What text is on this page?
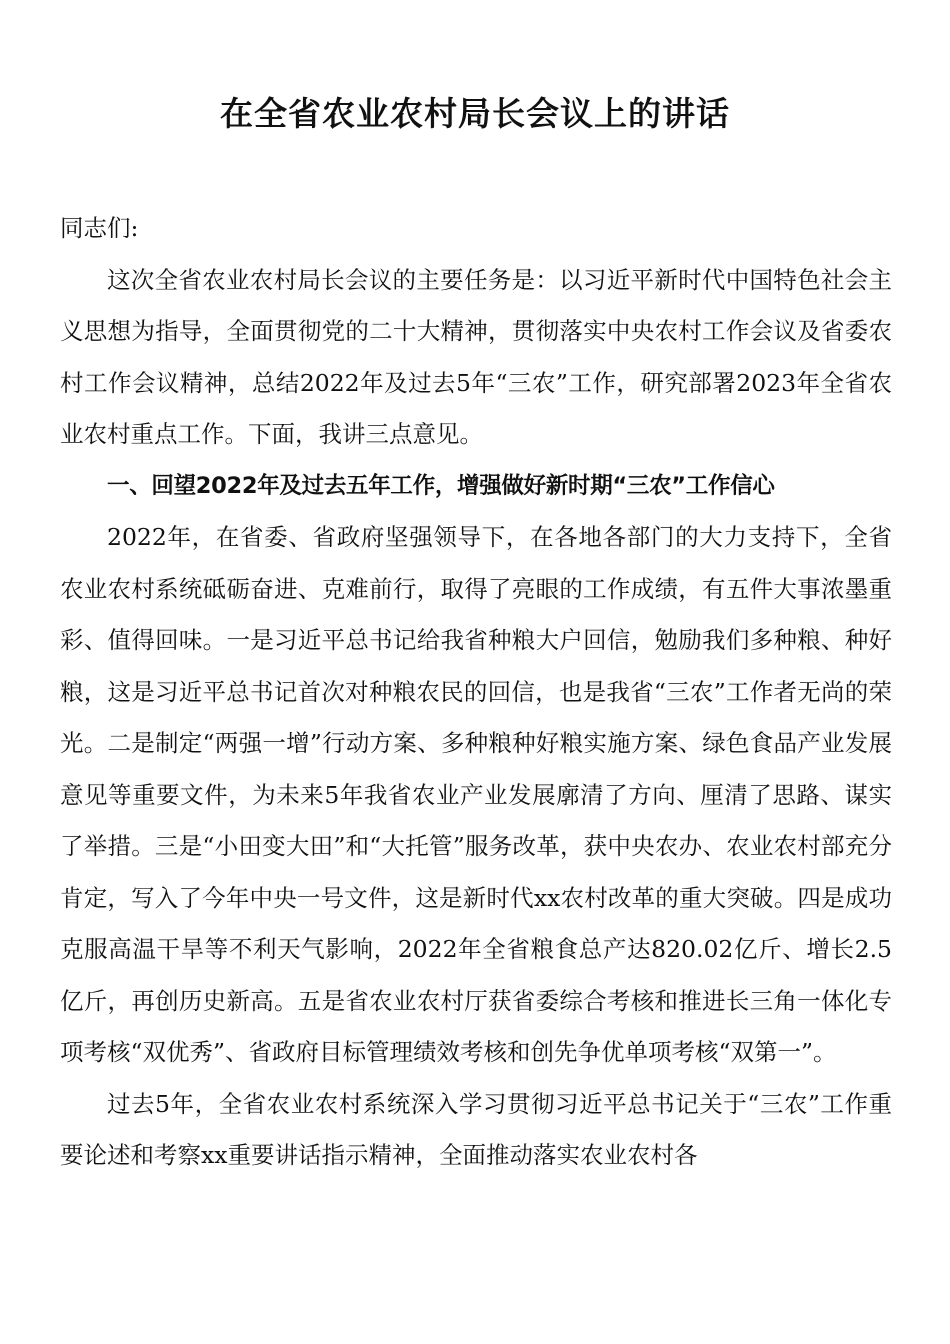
在全省农业农村局长会议上的讲话

同志们:

这次全省农业农村局长会议的主要任务是：以习近平新时代中国特色社会主义思想为指导，全面贯彻党的二十大精神，贯彻落实中央农村工作会议及省委农村工作会议精神，总结2022年及过去5年“三农”工作，研究部署2023年全省农业农村重点工作。下面，我讲三点意见。

一、回望2022年及过去五年工作，增强做好新时期“三农”工作信心

2022年，在省委、省政府坚强领导下，在各地各部门的大力支持下，全省农业农村系统砥砺奋进、克难前行，取得了亮眼的工作成绩，有五件大事浓墨重彩、值得回味。一是习近平总书记给我省种粮大户回信，勉励我们多种粮、种好粮，这是习近平总书记首次对种粮农民的回信，也是我省“三农”工作者无尚的荣光。二是制定“两强一增”行动方案、多种粮种好粮实施方案、绿色食品产业发展意见等重要文件，为未来5年我省农业产业发展廓清了方向、厘清了思路、谋实了举措。三是“小田变大田”和“大托管”服务改革，获中央农办、农业农村部充分肯定，写入了今年中央一号文件，这是新时代xx农村改革的重大突破。四是成功克服高温干旱等不利天气影响，2022年全省粮食总产达820.02亿斤、增长2.5亿斤，再创历史新高。五是省农业农村厅获省委综合考核和推进长三角一体化专项考核“双优秀”、省政府目标管理绩效考核和创先争优单项考核“双第一”。

过去5年，全省农业农村系统深入学习贯彻习近平总书记关于“三农”工作重要论述和考察xx重要讲话指示精神，全面推动落实农业农村各
